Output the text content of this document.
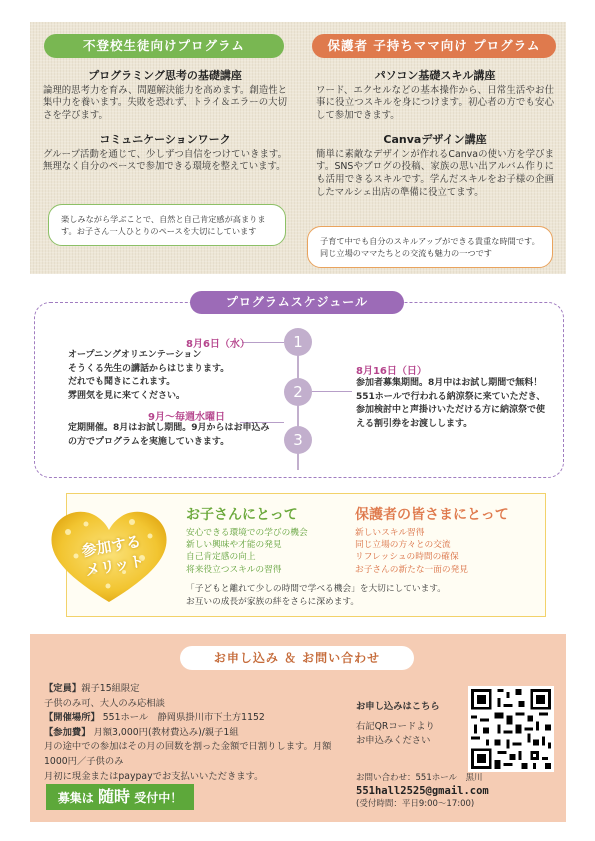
不登校生徒向けプログラム	保護者 子持ちママ向け プログラム
プログラミング思考の基礎講座
論理的思考力を育み、問題解決能力を高めます。創造性と集中力を養います。失敗を恐れず、トライ＆エラーの大切さを学びます。
コミュニケーションワーク
グループ活動を通じて、少しずつ自信をつけていきます。無理なく自分のペースで参加できる環境を整えています。
パソコン基礎スキル講座
ワード、エクセルなどの基本操作から、日常生活やお仕事に役立つスキルを身につけます。初心者の方でも安心して参加できます。
Canvaデザイン講座
簡単に素敵なデザインが作れるCanvaの使い方を学びます。SNSやブログの投稿、家族の思い出アルバム作りにも活用できるスキルです。学んだスキルをお子様の企画したマルシェ出店の準備に役立てます。
楽しみながら学ぶことで、自然と自己肯定感が高まります。お子さん一人ひとりのペースを大切にしています
子育て中でも自分のスキルアップができる貴重な時間です。同じ立場のママたちとの交流も魅力の一つです
プログラムスケジュール
1
2
3
8月6日（水）
オープニングオリエンテーション
そうくる先生の講話からはじまります。
だれでも聞きにこれます。
雰囲気を見に来てください。
8月16日（日）
参加者募集期間。8月中はお試し期間で無料！551ホールで行われる納涼祭に来ていただき、参加検討中と声掛けいただける方に納涼祭で使える割引券をお渡しします。
9月～毎週水曜日
定期開催。8月はお試し期間。9月からはお申込みの方でプログラムを実施していきます。
参加する
メリット
お子さんにとって	保護者の皆さまにとって
安心できる環境での学びの機会
新しい興味や才能の発見
自己肯定感の向上
将来役立つスキルの習得
新しいスキル習得
同じ立場の方々との交流
リフレッシュの時間の確保
お子さんの新たな一面の発見
「子どもと離れて少しの時間で学べる機会」を大切にしています。
お互いの成長が家族の絆をさらに深めます。
お申し込み ＆ お問い合わせ
【定員】親子15組限定
子供のみ可、大人のみ応相談
【開催場所】 551ホール　静岡県掛川市下土方1152
【参加費】 月額3,000円(教材費込み)/親子1組
月の途中での参加はその月の回数を割った金額で日割りします。月額1000円／子供のみ
月初に現金またはpaypayでお支払いいただきます。
募集は 随時 受付中！
お申し込みはこちら
右記QRコードより
お申込みください
お問い合わせ：551ホール　黒川
551hall2525@gmail.com
(受付時間：平日9:00～17:00)
